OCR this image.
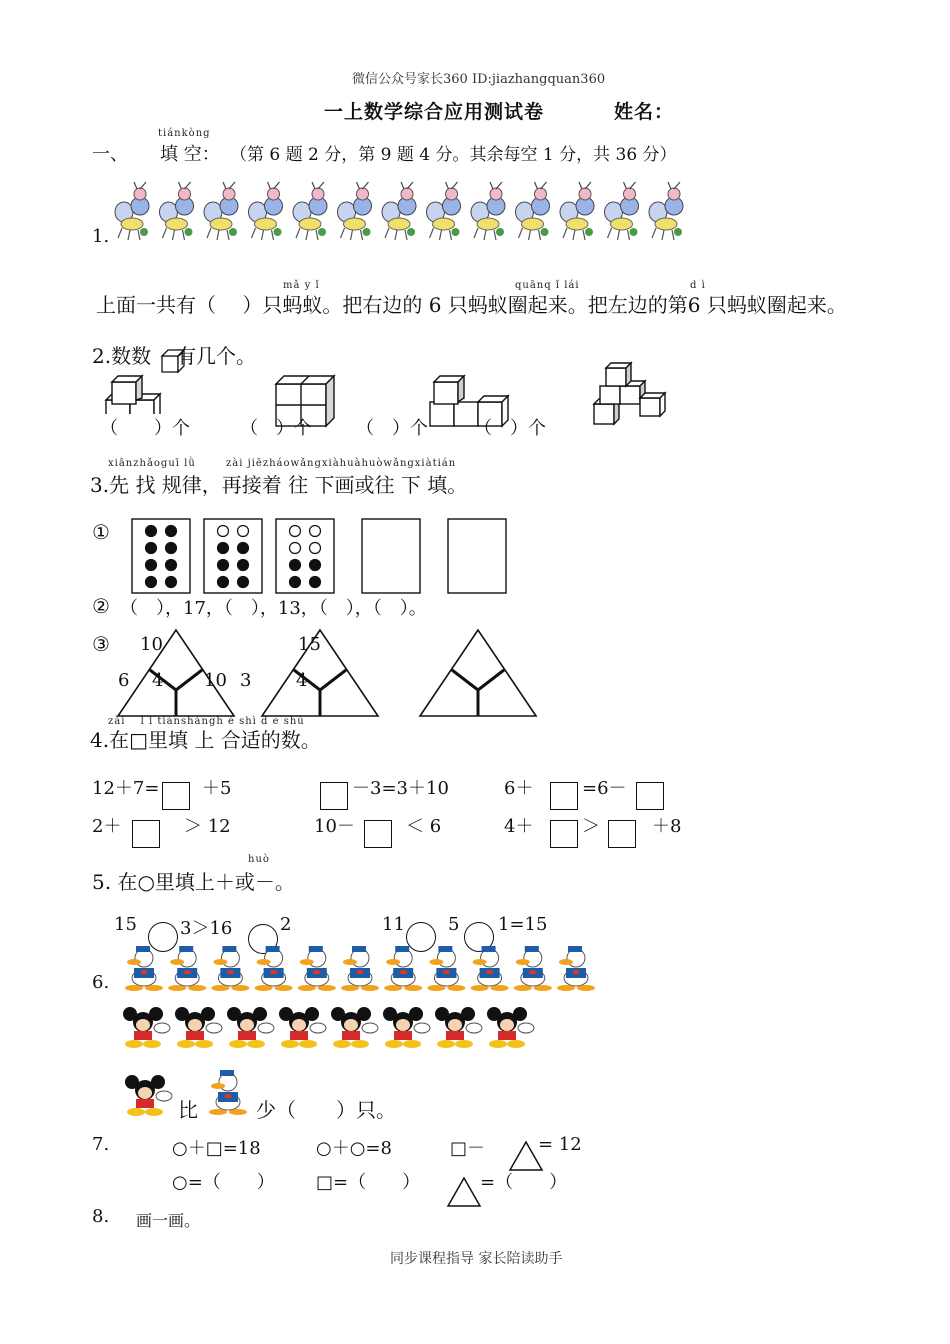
微信公众号家长360 ID:jiazhangquan360
一上数学综合应用测试卷	姓名：
tiánkòng
一、 填 空： （第 6 题 2 分，第 9 题 4 分。其余每空 1 分，共 36 分）
1.
mǎ y ǐ	quānq ǐ lái	d ì
上面一共有（　 ）只蚂蚁。把右边的 6 只蚂蚁圈起来。把左边的第6 只蚂蚁圈起来。
2.数数 有几个。
（　　）个	（　）个 （　）个	（　）个
xiānzhǎoguī lǜ	zài jiēzháowǎngxiàhuàhuòwǎngxiàtián
3.先 找 规律，再接着 往 下画或往 下 填。
①
② （　），17，（　），13，（　），（　）。
③ 10
6 4 10 3
15
4
zài　 l ǐ tiánshàngh é shì d e shù
4.在□里填 上 合适的数。
12＋7= ＋5	－3=3＋10	6＋	=6－
2＋	＞ 12	10－	＜ 6	4＋	＞	＋8
huò
5. 在○里填上＋或－。
15 3＞16	2	11 5 1=15
6.
比	少（　　）只。
7.	○＋□=18	○＋○=8	□－	= 12
○=（　　） □=（　　）	=（　　）
8. 画一画。
同步课程指导 家长陪读助手
